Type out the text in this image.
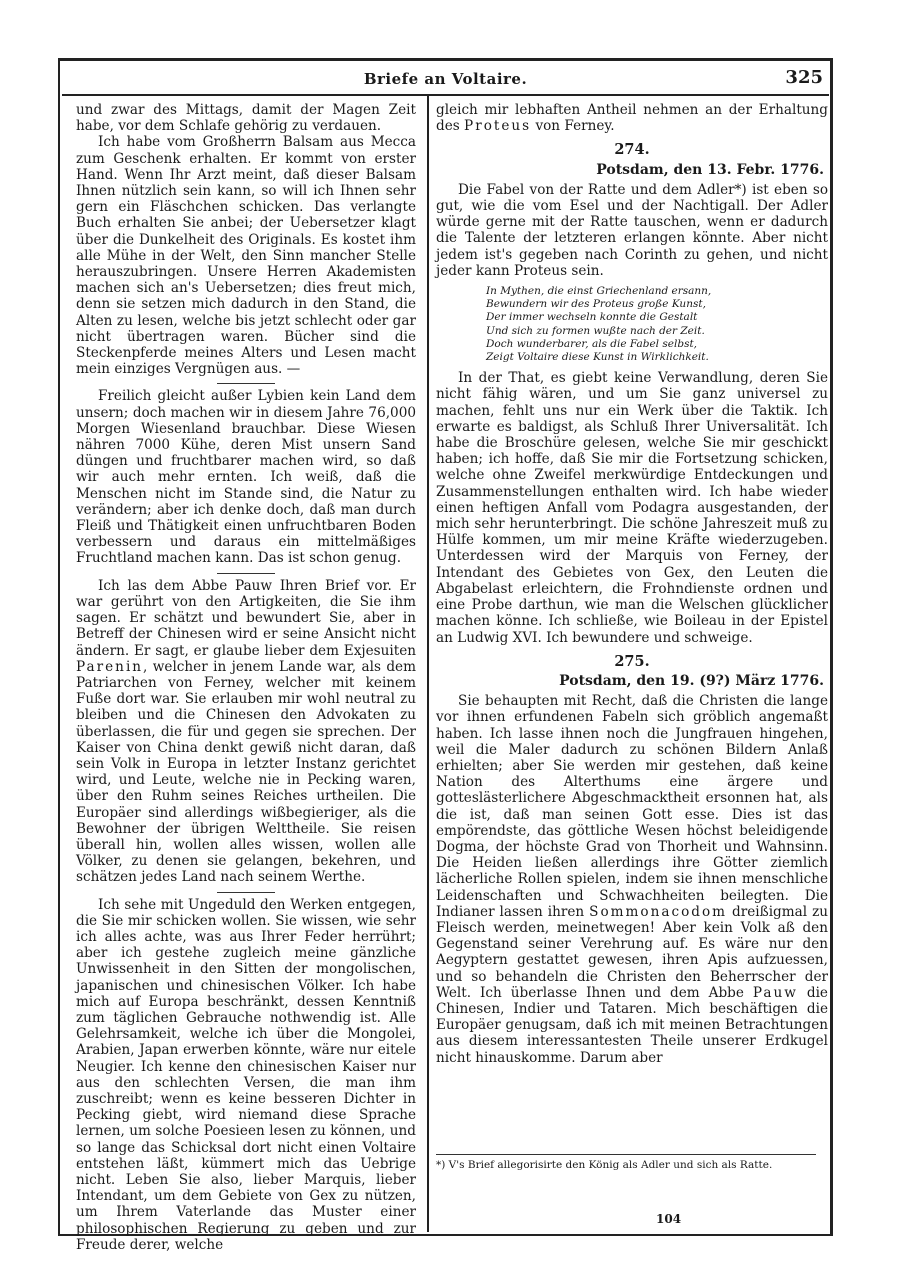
Briefe an Voltaire.	325

und zwar des Mittags, damit der Magen Zeit habe, vor dem Schlafe gehörig zu verdauen.

Ich habe vom Großherrn Balsam aus Mecca zum Geschenk erhalten. Er kommt von erster Hand. Wenn Ihr Arzt meint, daß dieser Balsam Ihnen nützlich sein kann, so will ich Ihnen sehr gern ein Fläschchen schicken. Das verlangte Buch erhalten Sie anbei; der Uebersetzer klagt über die Dunkelheit des Originals. Es kostet ihm alle Mühe in der Welt, den Sinn mancher Stelle herauszubringen. Unsere Herren Akademisten machen sich an's Uebersetzen; dies freut mich, denn sie setzen mich dadurch in den Stand, die Alten zu lesen, welche bis jetzt schlecht oder gar nicht übertragen waren. Bücher sind die Steckenpferde meines Alters und Lesen macht mein einziges Vergnügen aus. —

Freilich gleicht außer Lybien kein Land dem unsern; doch machen wir in diesem Jahre 76,000 Morgen Wiesenland brauchbar. Diese Wiesen nähren 7000 Kühe, deren Mist unsern Sand düngen und fruchtbarer machen wird, so daß wir auch mehr ernten. Ich weiß, daß die Menschen nicht im Stande sind, die Natur zu verändern; aber ich denke doch, daß man durch Fleiß und Thätigkeit einen unfruchtbaren Boden verbessern und daraus ein mittelmäßiges Fruchtland machen kann. Das ist schon genug.

Ich las dem Abbe Pauw Ihren Brief vor. Er war gerührt von den Artigkeiten, die Sie ihm sagen. Er schätzt und bewundert Sie, aber in Betreff der Chinesen wird er seine Ansicht nicht ändern. Er sagt, er glaube lieber dem Exjesuiten Parenin, welcher in jenem Lande war, als dem Patriarchen von Ferney, welcher mit keinem Fuße dort war. Sie erlauben mir wohl neutral zu bleiben und die Chinesen den Advokaten zu überlassen, die für und gegen sie sprechen. Der Kaiser von China denkt gewiß nicht daran, daß sein Volk in Europa in letzter Instanz gerichtet wird, und Leute, welche nie in Pecking waren, über den Ruhm seines Reiches urtheilen. Die Europäer sind allerdings wißbegieriger, als die Bewohner der übrigen Welttheile. Sie reisen überall hin, wollen alles wissen, wollen alle Völker, zu denen sie gelangen, bekehren, und schätzen jedes Land nach seinem Werthe.

Ich sehe mit Ungeduld den Werken entgegen, die Sie mir schicken wollen. Sie wissen, wie sehr ich alles achte, was aus Ihrer Feder herrührt; aber ich gestehe zugleich meine gänzliche Unwissenheit in den Sitten der mongolischen, japanischen und chinesischen Völker. Ich habe mich auf Europa beschränkt, dessen Kenntniß zum täglichen Gebrauche nothwendig ist. Alle Gelehrsamkeit, welche ich über die Mongolei, Arabien, Japan erwerben könnte, wäre nur eitele Neugier. Ich kenne den chinesischen Kaiser nur aus den schlechten Versen, die man ihm zuschreibt; wenn es keine besseren Dichter in Pecking giebt, wird niemand diese Sprache lernen, um solche Poesieen lesen zu können, und so lange das Schicksal dort nicht einen Voltaire entstehen läßt, kümmert mich das Uebrige nicht. Leben Sie also, lieber Marquis, lieber Intendant, um dem Gebiete von Gex zu nützen, um Ihrem Vaterlande das Muster einer philosophischen Regierung zu geben und zur Freude derer, welche

gleich mir lebhaften Antheil nehmen an der Erhaltung des Proteus von Ferney.

274.
Potsdam, den 13. Febr. 1776.

Die Fabel von der Ratte und dem Adler*) ist eben so gut, wie die vom Esel und der Nachtigall. Der Adler würde gerne mit der Ratte tauschen, wenn er dadurch die Talente der letzteren erlangen könnte. Aber nicht jedem ist's gegeben nach Corinth zu gehen, und nicht jeder kann Proteus sein.

In Mythen, die einst Griechenland ersann,
Bewundern wir des Proteus große Kunst,
Der immer wechseln konnte die Gestalt
Und sich zu formen wußte nach der Zeit.
Doch wunderbarer, als die Fabel selbst,
Zeigt Voltaire diese Kunst in Wirklichkeit.

In der That, es giebt keine Verwandlung, deren Sie nicht fähig wären, und um Sie ganz universel zu machen, fehlt uns nur ein Werk über die Taktik. Ich erwarte es baldigst, als Schluß Ihrer Universalität. Ich habe die Broschüre gelesen, welche Sie mir geschickt haben; ich hoffe, daß Sie mir die Fortsetzung schicken, welche ohne Zweifel merkwürdige Entdeckungen und Zusammenstellungen enthalten wird. Ich habe wieder einen heftigen Anfall vom Podagra ausgestanden, der mich sehr herunterbringt. Die schöne Jahreszeit muß zu Hülfe kommen, um mir meine Kräfte wiederzugeben. Unterdessen wird der Marquis von Ferney, der Intendant des Gebietes von Gex, den Leuten die Abgabelast erleichtern, die Frohndienste ordnen und eine Probe darthun, wie man die Welschen glücklicher machen könne. Ich schließe, wie Boileau in der Epistel an Ludwig XVI. Ich bewundere und schweige.

275.
Potsdam, den 19. (9?) März 1776.

Sie behaupten mit Recht, daß die Christen die lange vor ihnen erfundenen Fabeln sich gröblich angemaßt haben. Ich lasse ihnen noch die Jungfrauen hingehen, weil die Maler dadurch zu schönen Bildern Anlaß erhielten; aber Sie werden mir gestehen, daß keine Nation des Alterthums eine ärgere und gotteslästerlichere Abgeschmacktheit ersonnen hat, als die ist, daß man seinen Gott esse. Dies ist das empörendste, das göttliche Wesen höchst beleidigende Dogma, der höchste Grad von Thorheit und Wahnsinn. Die Heiden ließen allerdings ihre Götter ziemlich lächerliche Rollen spielen, indem sie ihnen menschliche Leidenschaften und Schwachheiten beilegten. Die Indianer lassen ihren Sommonacodom dreißigmal zu Fleisch werden, meinetwegen! Aber kein Volk aß den Gegenstand seiner Verehrung auf. Es wäre nur den Aegyptern gestattet gewesen, ihren Apis aufzuessen, und so behandeln die Christen den Beherrscher der Welt. Ich überlasse Ihnen und dem Abbe Pauw die Chinesen, Indier und Tataren. Mich beschäftigen die Europäer genugsam, daß ich mit meinen Betrachtungen aus diesem interessantesten Theile unserer Erdkugel nicht hinauskomme. Darum aber

*) V's Brief allegorisirte den König als Adler und sich als Ratte.
104
